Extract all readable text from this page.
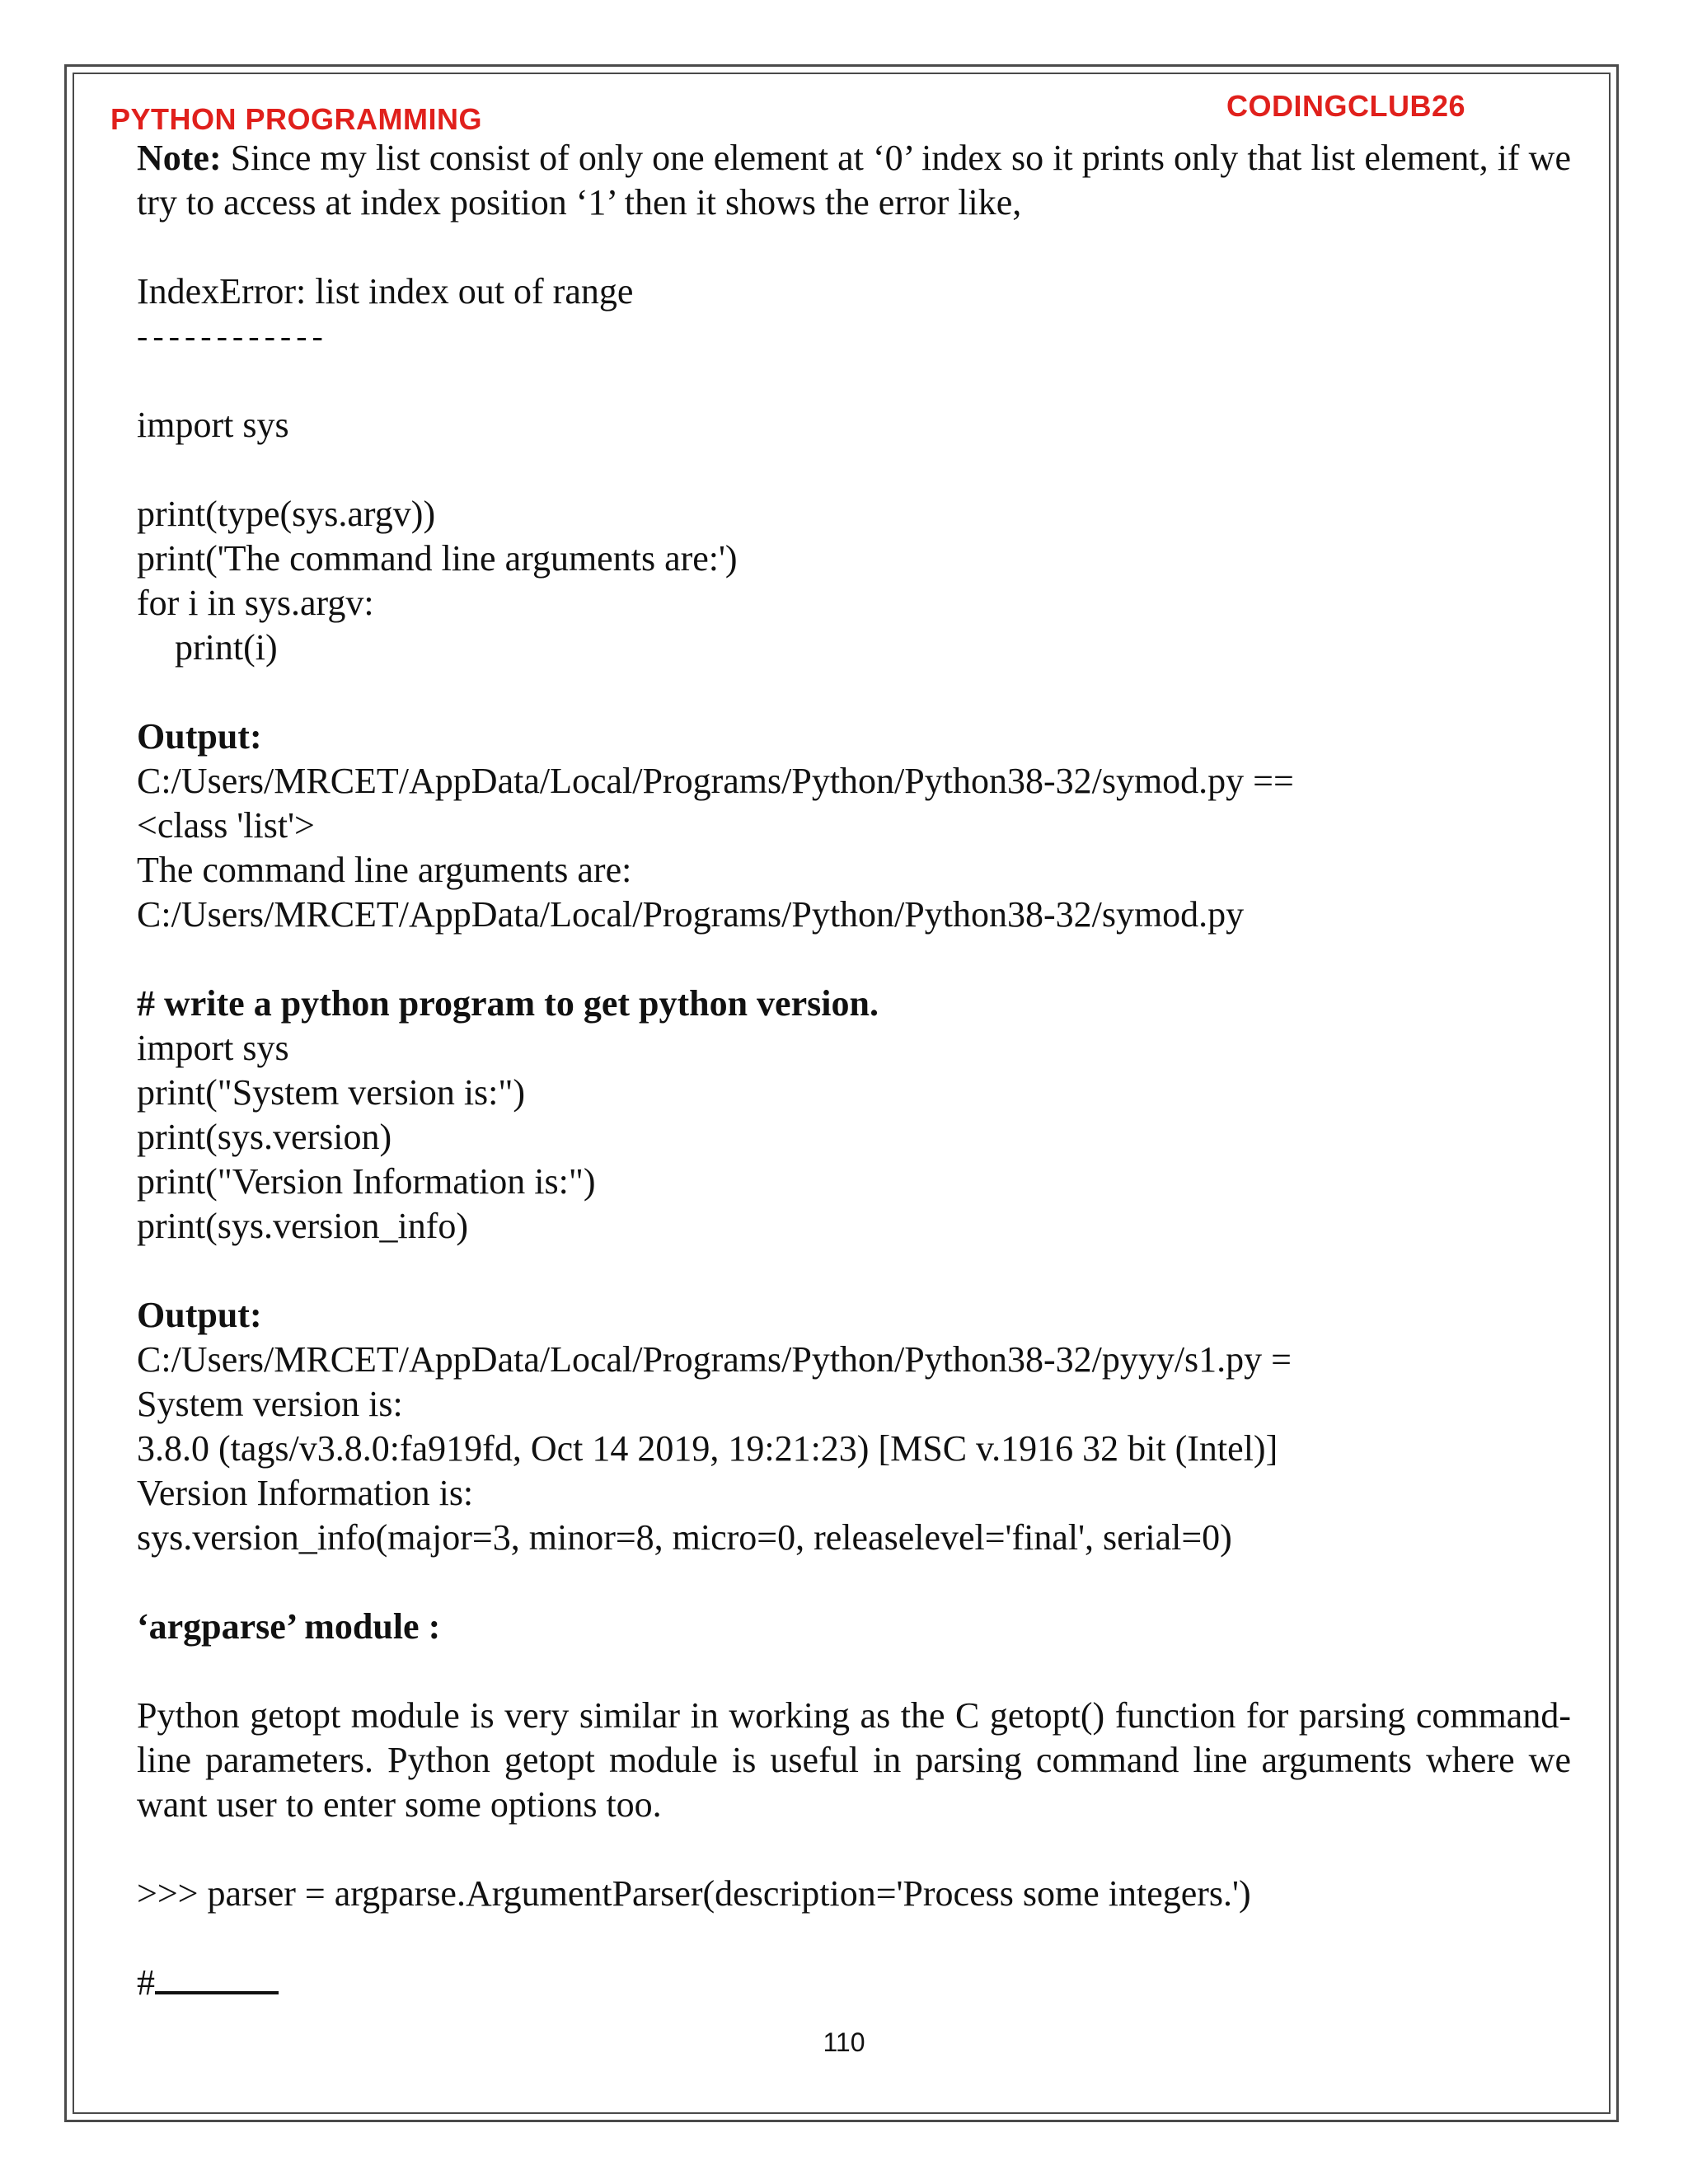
PYTHON PROGRAMMING	CODINGCLUB26

Note: Since my list consist of only one element at ‘0’ index so it prints only that list element, if we try to access at index position ‘1’ then it shows the error like,

IndexError: list index out of range

------------

import sys

print(type(sys.argv))

print('The command line arguments are:')

for i in sys.argv:

print(i)

Output:

C:/Users/MRCET/AppData/Local/Programs/Python/Python38-32/symod.py ==

<class 'list'>

The command line arguments are:

C:/Users/MRCET/AppData/Local/Programs/Python/Python38-32/symod.py

# write a python program to get python version.

import sys

print("System version is:")

print(sys.version)

print("Version Information is:")

print(sys.version_info)

Output:

C:/Users/MRCET/AppData/Local/Programs/Python/Python38-32/pyyy/s1.py =

System version is:

3.8.0 (tags/v3.8.0:fa919fd, Oct 14 2019, 19:21:23) [MSC v.1916 32 bit (Intel)]

Version Information is:

sys.version_info(major=3, minor=8, micro=0, releaselevel='final', serial=0)

‘argparse’ module :

Python getopt module is very similar in working as the C getopt() function for parsing command-line parameters. Python getopt module is useful in parsing command line arguments where we want user to enter some options too.

>>> parser = argparse.ArgumentParser(description='Process some integers.')

#

110
